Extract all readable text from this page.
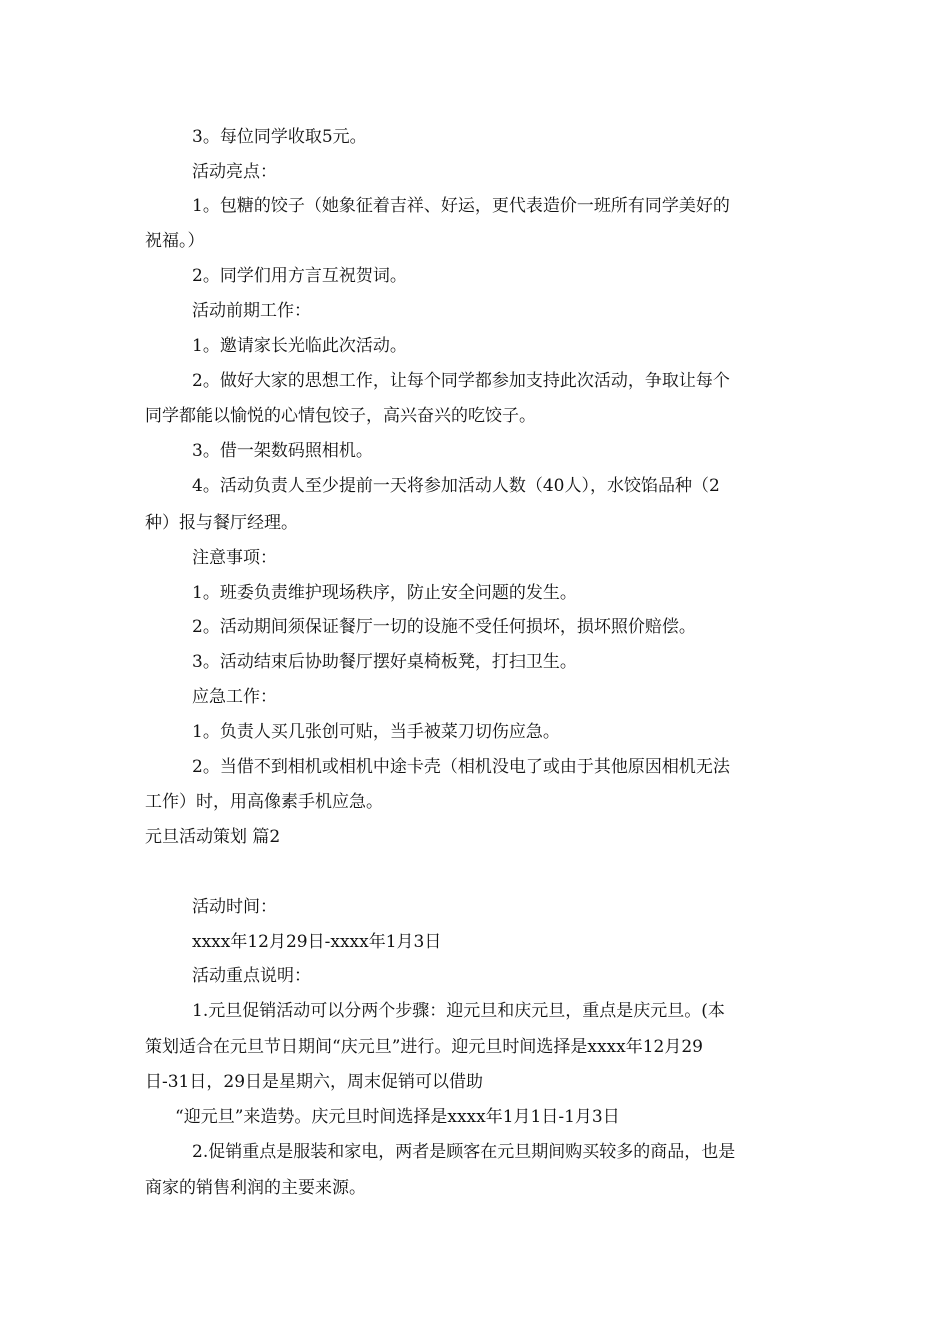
3。每位同学收取5元。
活动亮点：
1。包糖的饺子（她象征着吉祥、好运，更代表造价一班所有同学美好的
祝福。）
2。同学们用方言互祝贺词。
活动前期工作：
1。邀请家长光临此次活动。
2。做好大家的思想工作，让每个同学都参加支持此次活动，争取让每个
同学都能以愉悦的心情包饺子，高兴奋兴的吃饺子。
3。借一架数码照相机。
4。活动负责人至少提前一天将参加活动人数（40人），水饺馅品种（2
种）报与餐厅经理。
注意事项：
1。班委负责维护现场秩序，防止安全问题的发生。
2。活动期间须保证餐厅一切的设施不受任何损坏，损坏照价赔偿。
3。活动结束后协助餐厅摆好桌椅板凳，打扫卫生。
应急工作：
1。负责人买几张创可贴，当手被菜刀切伤应急。
2。当借不到相机或相机中途卡壳（相机没电了或由于其他原因相机无法
工作）时，用高像素手机应急。
元旦活动策划 篇2
活动时间：
xxxx年12月29日-xxxx年1月3日
活动重点说明：
1.元旦促销活动可以分两个步骤：迎元旦和庆元旦，重点是庆元旦。(本
策划适合在元旦节日期间“庆元旦”进行。迎元旦时间选择是xxxx年12月29
日-31日，29日是星期六，周末促销可以借助
“迎元旦”来造势。庆元旦时间选择是xxxx年1月1日-1月3日
2.促销重点是服装和家电，两者是顾客在元旦期间购买较多的商品，也是
商家的销售利润的主要来源。
